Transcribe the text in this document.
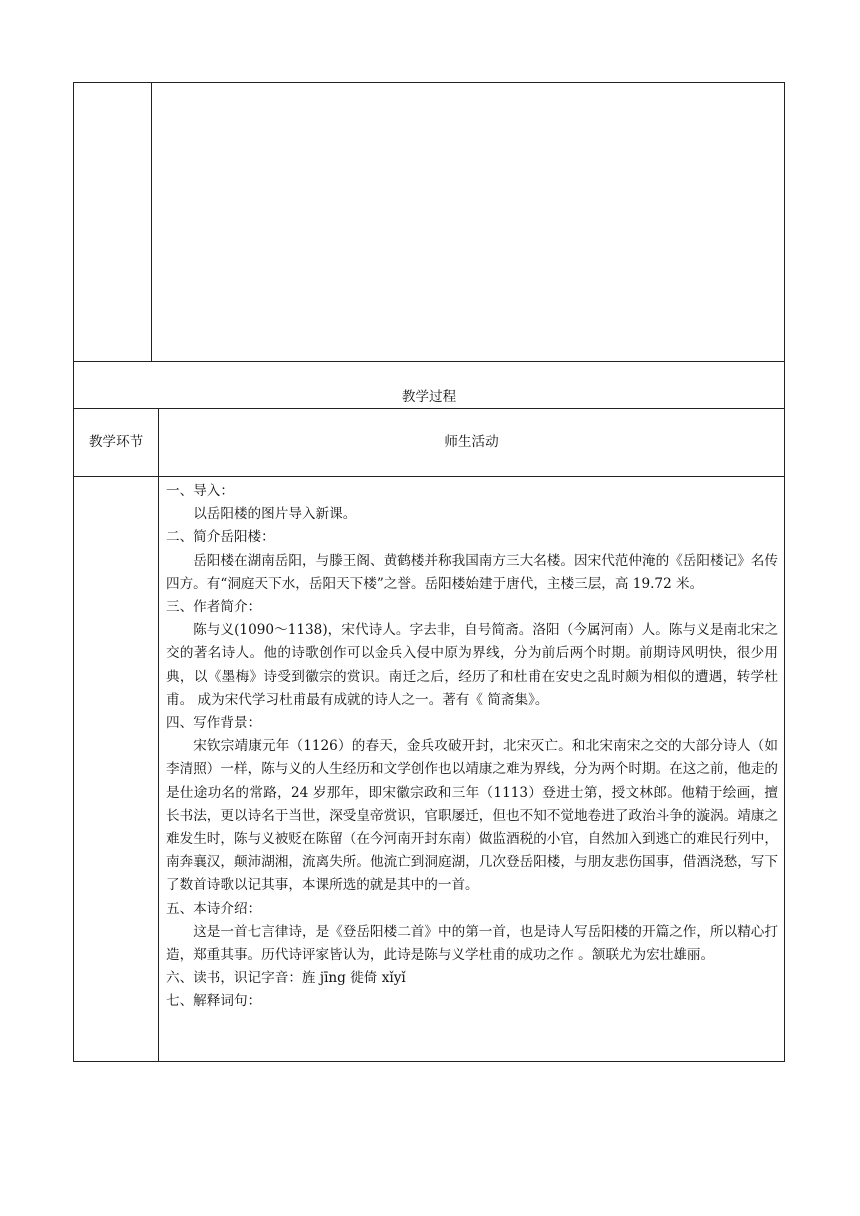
教学过程
教学环节	师生活动

一、导入：

以岳阳楼的图片导入新课。

二、简介岳阳楼：

岳阳楼在湖南岳阳，与滕王阁、黄鹤楼并称我国南方三大名楼。因宋代范仲淹的《岳阳楼记》名传四方。有“洞庭天下水，岳阳天下楼”之誉。岳阳楼始建于唐代，主楼三层，高 19.72 米。

三、作者简介：

陈与义(1090～1138)，宋代诗人。字去非，自号简斋。洛阳（今属河南）人。陈与义是南北宋之交的著名诗人。他的诗歌创作可以金兵入侵中原为界线，分为前后两个时期。前期诗风明快，很少用典，以《墨梅》诗受到徽宗的赏识。南迁之后，经历了和杜甫在安史之乱时颇为相似的遭遇，转学杜甫。 成为宋代学习杜甫最有成就的诗人之一。著有《 简斋集》。

四、写作背景：

宋钦宗靖康元年（1126）的春天，金兵攻破开封，北宋灭亡。和北宋南宋之交的大部分诗人（如李清照）一样，陈与义的人生经历和文学创作也以靖康之难为界线，分为两个时期。在这之前，他走的是仕途功名的常路，24 岁那年，即宋徽宗政和三年（1113）登进士第，授文林郎。他精于绘画，擅长书法，更以诗名于当世，深受皇帝赏识，官职屡迁，但也不知不觉地卷进了政治斗争的漩涡。靖康之难发生时，陈与义被贬在陈留（在今河南开封东南）做监酒税的小官，自然加入到逃亡的难民行列中，南奔襄汉，颠沛湖湘，流离失所。他流亡到洞庭湖，几次登岳阳楼，与朋友悲伤国事，借酒浇愁，写下了数首诗歌以记其事，本课所选的就是其中的一首。

五、本诗介绍：

这是一首七言律诗，是《登岳阳楼二首》中的第一首，也是诗人写岳阳楼的开篇之作，所以精心打造，郑重其事。历代诗评家皆认为，此诗是陈与义学杜甫的成功之作 。颔联尤为宏壮雄丽。

六、读书，识记字音：旌 jīng 徙倚 xǐyǐ

七、解释词句：
